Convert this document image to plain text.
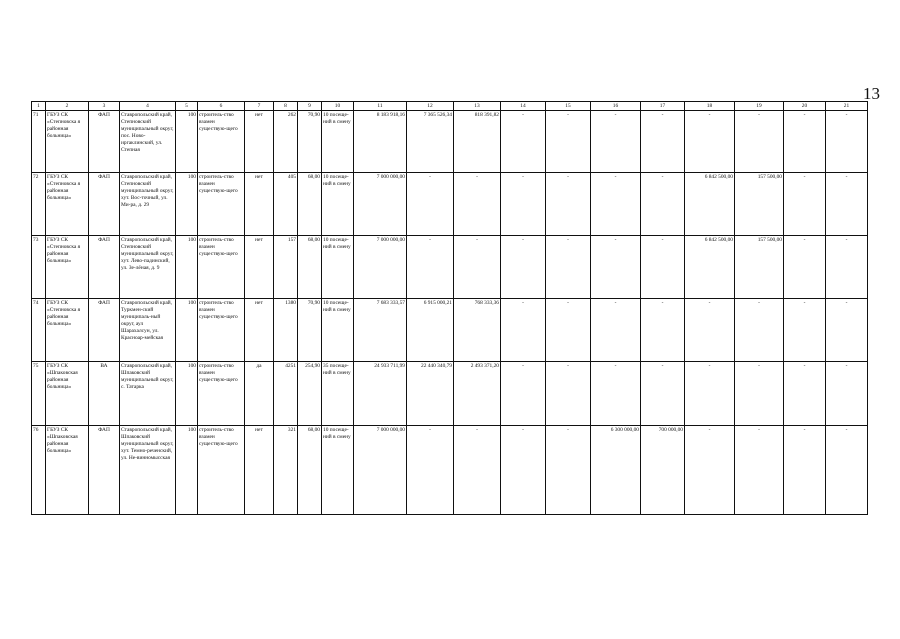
13
1	2	3	4	5	6	7	8	9	10	11	12	13	14	15	16	17	18	19	20	21
71	ГБУЗ СК «Степновска я районная больница»	ФАП	Ставропольский край, Степновский муниципальный округ, пос. Ново-иргаклинский, ул. Степная	100	строитель-ство взамен существую-щего	нет	262	70,90	10 посеще-ний в смену	8 183 918,16	7 365 526,34	818 391,82	-	-	-	-	-	-	-	-
72	ГБУЗ СК «Степновска я районная больница»	ФАП	Ставропольский край, Степновский муниципальный округ, хут. Вос-точный, ул. Ми-ра, д. 29	100	строитель-ство взамен существую-щего	нет	405	68,00	10 посеще-ний в смену	7 000 000,00	-	-	-	-	-	-	6 842 500,00	157 500,00	-	-
73	ГБУЗ СК «Степновска я районная больница»	ФАП	Ставропольский край, Степновский муниципальный округ, хут. Лево-падинский, ул. Зе-лёная, д. 9	100	строитель-ство взамен существую-щего	нет	157	68,00	10 посеще-ний в смену	7 000 000,00	-	-	-	-	-	-	6 842 500,00	157 500,00	-	-
74	ГБУЗ СК «Степновска я районная больница»	ФАП	Ставропольский край, Туркмен-ский муниципаль-ный округ, аул Шарахалсун, ул. Красноар-мейская	100	строитель-ство взамен существую-щего	нет	1380	70,90	10 посеще-ний в смену	7 683 333,57	6 915 000,21	768 333,36	-	-	-	-	-	-	-	-
75	ГБУЗ СК «Шпаковская районная больница»	ВА	Ставропольский край, Шпаковский муниципальный округ, с. Татарка	100	строитель-ство взамен существую-щего	да	4251	254,90	35 посеще-ний в смену	24 933 711,99	22 440 340,79	2 493 371,20	-	-	-	-	-	-	-	-
76	ГБУЗ СК «Шпаковская районная больница»	ФАП	Ставропольский край, Шпаковский муниципальный округ, хут. Темно-реченский, ул. Не-винномысская	100	строитель-ство взамен существую-щего	нет	321	68,00	10 посеще-ний в смену	7 000 000,00	-	-	-	-	6 300 000,00	700 000,00	-	-	-	-
